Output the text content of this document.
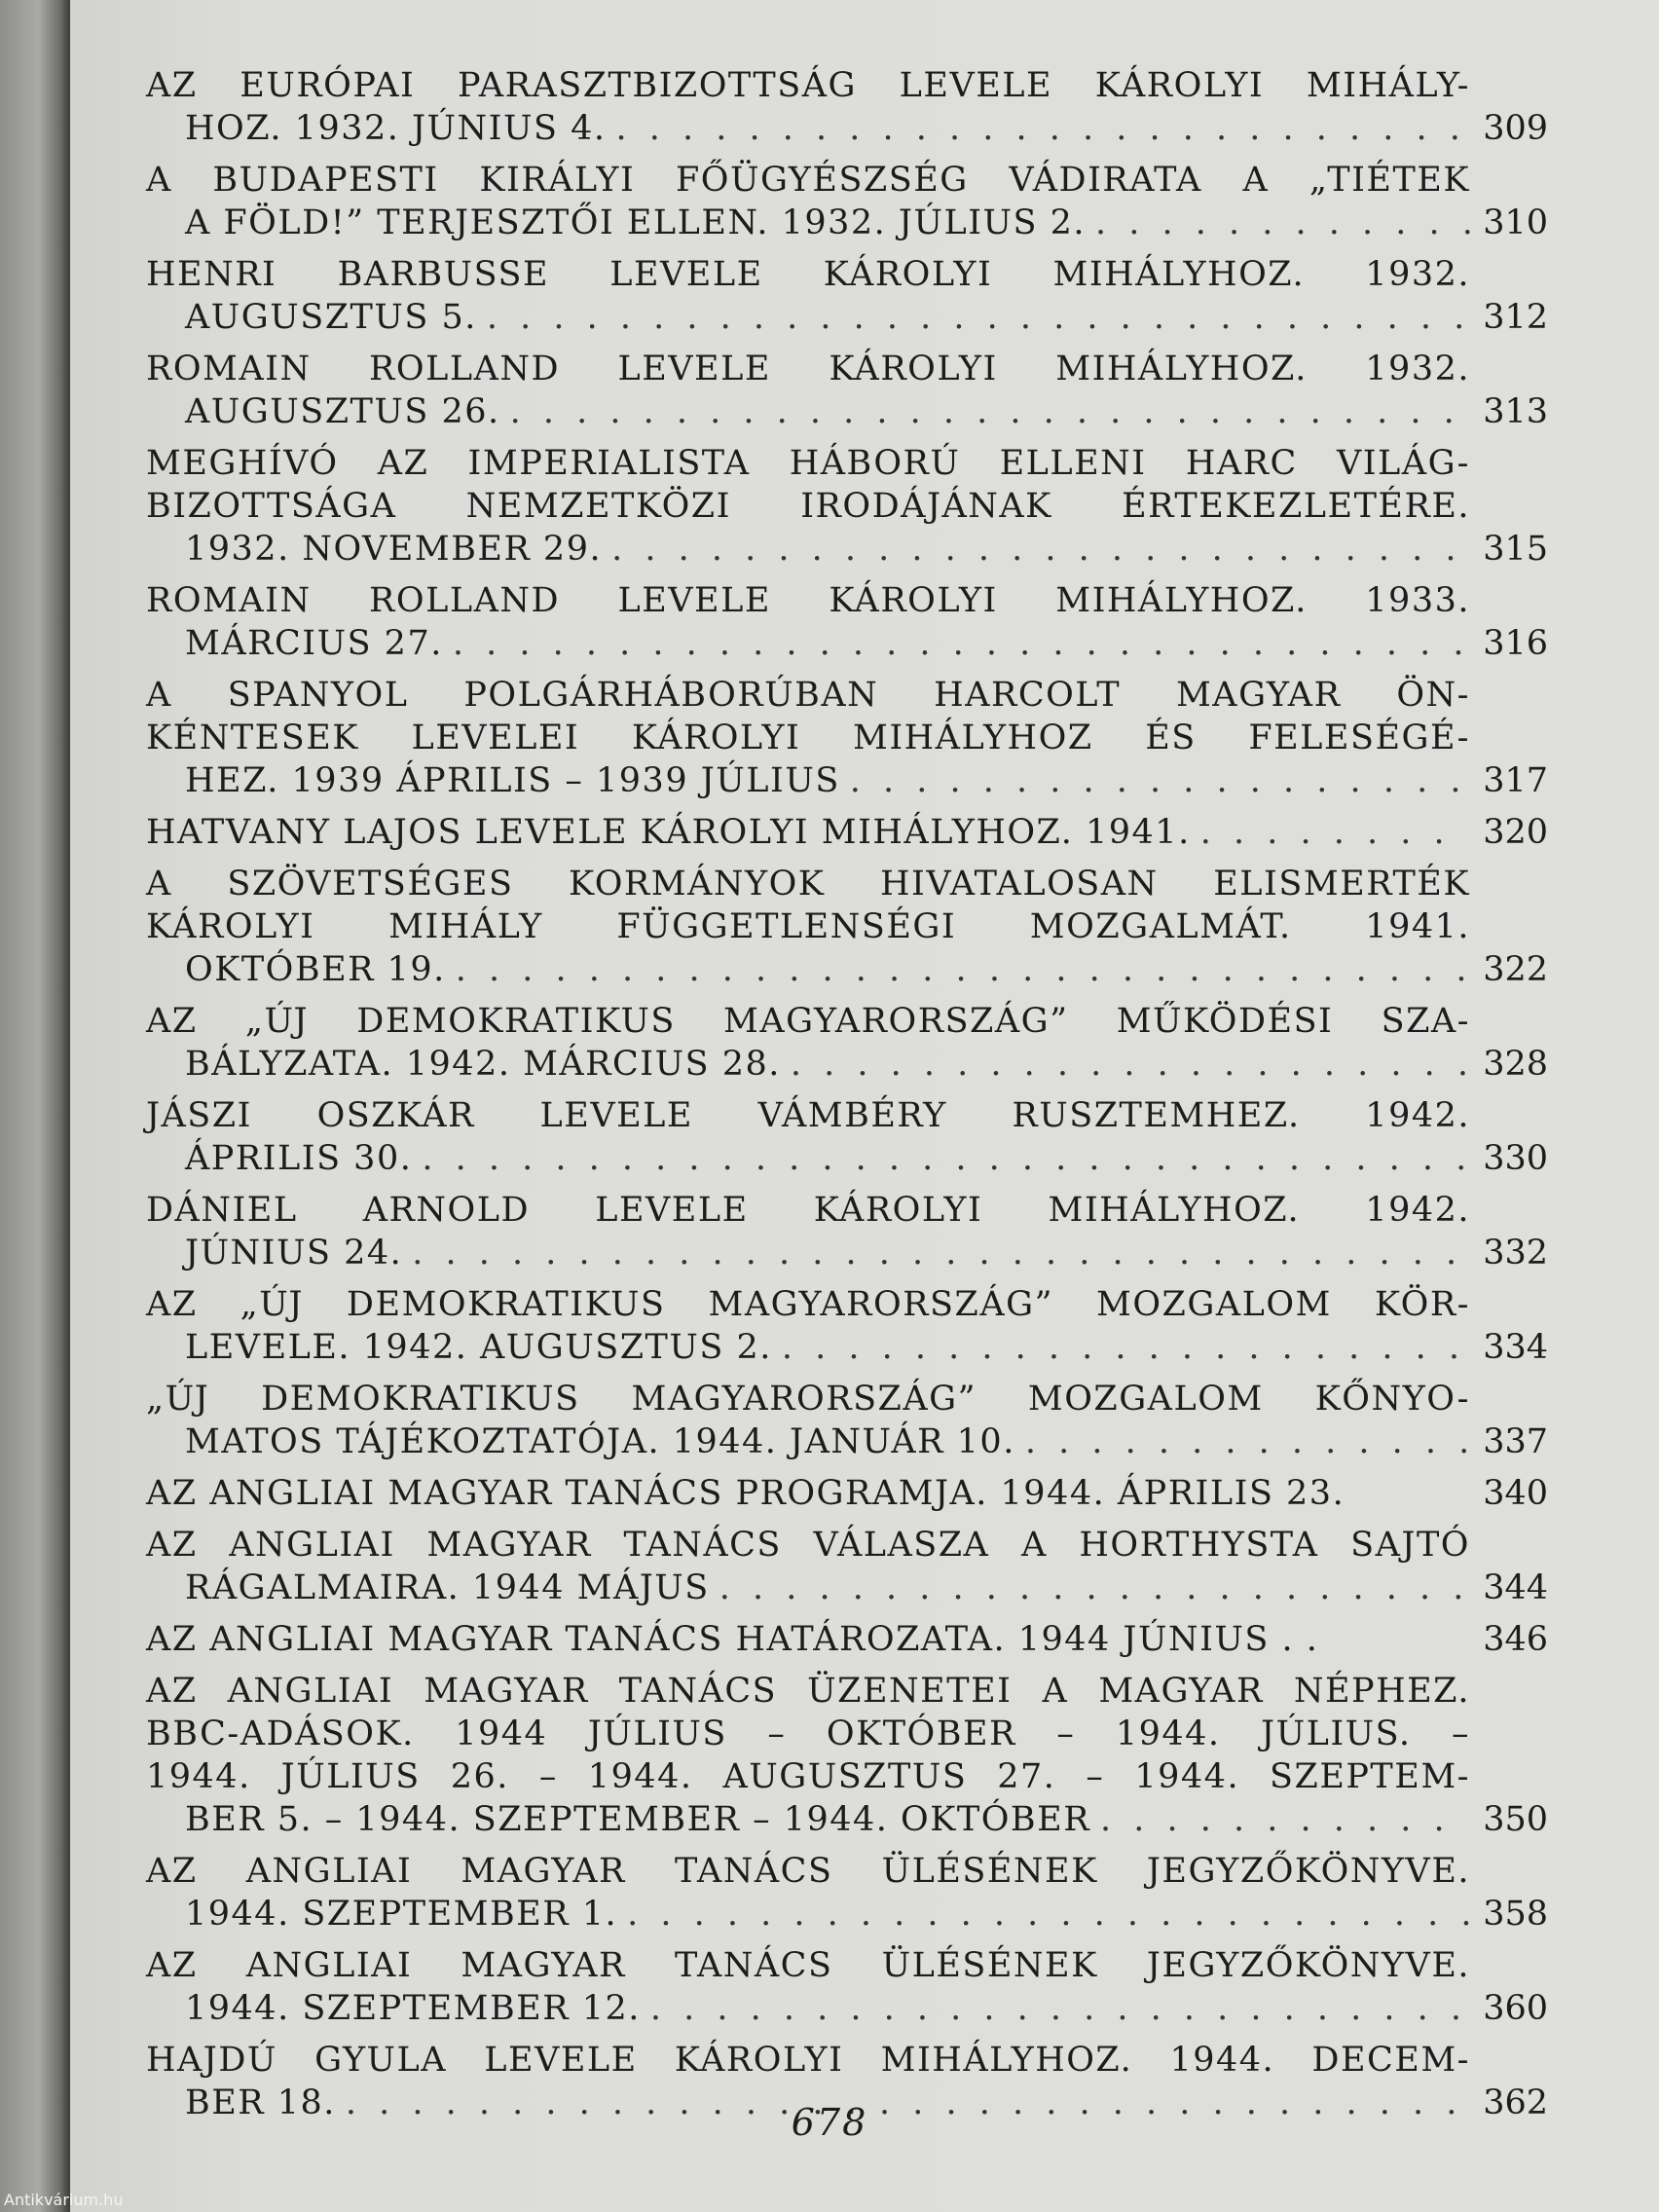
AZ EURÓPAI PARASZTBIZOTTSÁG LEVELE KÁROLYI MIHÁLY-
HOZ. 1932. JÚNIUS 4. . . .	309
A BUDAPESTI KIRÁLYI FŐÜGYÉSZSÉG VÁDIRATA A „TIÉTEK
A FÖLD!” TERJESZTŐI ELLEN. 1932. JÚLIUS 2. . . .	310
HENRI BARBUSSE LEVELE KÁROLYI MIHÁLYHOZ. 1932.
AUGUSZTUS 5. . . .	312
ROMAIN ROLLAND LEVELE KÁROLYI MIHÁLYHOZ. 1932.
AUGUSZTUS 26. . . .	313
MEGHÍVÓ AZ IMPERIALISTA HÁBORÚ ELLENI HARC VILÁG-
BIZOTTSÁGA NEMZETKÖZI IRODÁJÁNAK ÉRTEKEZLETÉRE.
1932. NOVEMBER 29. . . .	315
ROMAIN ROLLAND LEVELE KÁROLYI MIHÁLYHOZ. 1933.
MÁRCIUS 27. . . .	316
A SPANYOL POLGÁRHÁBORÚBAN HARCOLT MAGYAR ÖN-
KÉNTESEK LEVELEI KÁROLYI MIHÁLYHOZ ÉS FELESÉGÉ-
HEZ. 1939 ÁPRILIS – 1939 JÚLIUS . . .	317
HATVANY LAJOS LEVELE KÁROLYI MIHÁLYHOZ. 1941. . . .	320
A SZÖVETSÉGES KORMÁNYOK HIVATALOSAN ELISMERTÉK
KÁROLYI MIHÁLY FÜGGETLENSÉGI MOZGALMÁT. 1941.
OKTÓBER 19. . . .	322
AZ „ÚJ DEMOKRATIKUS MAGYARORSZÁG” MŰKÖDÉSI SZA-
BÁLYZATA. 1942. MÁRCIUS 28. . . .	328
JÁSZI OSZKÁR LEVELE VÁMBÉRY RUSZTEMHEZ. 1942.
ÁPRILIS 30. . . .	330
DÁNIEL ARNOLD LEVELE KÁROLYI MIHÁLYHOZ. 1942.
JÚNIUS 24. . . .	332
AZ „ÚJ DEMOKRATIKUS MAGYARORSZÁG” MOZGALOM KÖR-
LEVELE. 1942. AUGUSZTUS 2. . . .	334
„ÚJ DEMOKRATIKUS MAGYARORSZÁG” MOZGALOM KŐNYO-
MATOS TÁJÉKOZTATÓJA. 1944. JANUÁR 10. . . .	337
AZ ANGLIAI MAGYAR TANÁCS PROGRAMJA. 1944. ÁPRILIS 23.	340
AZ ANGLIAI MAGYAR TANÁCS VÁLASZA A HORTHYSTA SAJTÓ
RÁGALMAIRA. 1944 MÁJUS . . .	344
AZ ANGLIAI MAGYAR TANÁCS HATÁROZATA. 1944 JÚNIUS . .	346
AZ ANGLIAI MAGYAR TANÁCS ÜZENETEI A MAGYAR NÉPHEZ.
BBC-ADÁSOK. 1944 JÚLIUS – OKTÓBER – 1944. JÚLIUS. –
1944. JÚLIUS 26. – 1944. AUGUSZTUS 27. – 1944. SZEPTEM-
BER 5. – 1944. SZEPTEMBER – 1944. OKTÓBER . . .	350
AZ ANGLIAI MAGYAR TANÁCS ÜLÉSÉNEK JEGYZŐKÖNYVE.
1944. SZEPTEMBER 1. . . .	358
AZ ANGLIAI MAGYAR TANÁCS ÜLÉSÉNEK JEGYZŐKÖNYVE.
1944. SZEPTEMBER 12. . . .	360
HAJDÚ GYULA LEVELE KÁROLYI MIHÁLYHOZ. 1944. DECEM-
BER 18. . . .	362
678
Antikvárium.hu
